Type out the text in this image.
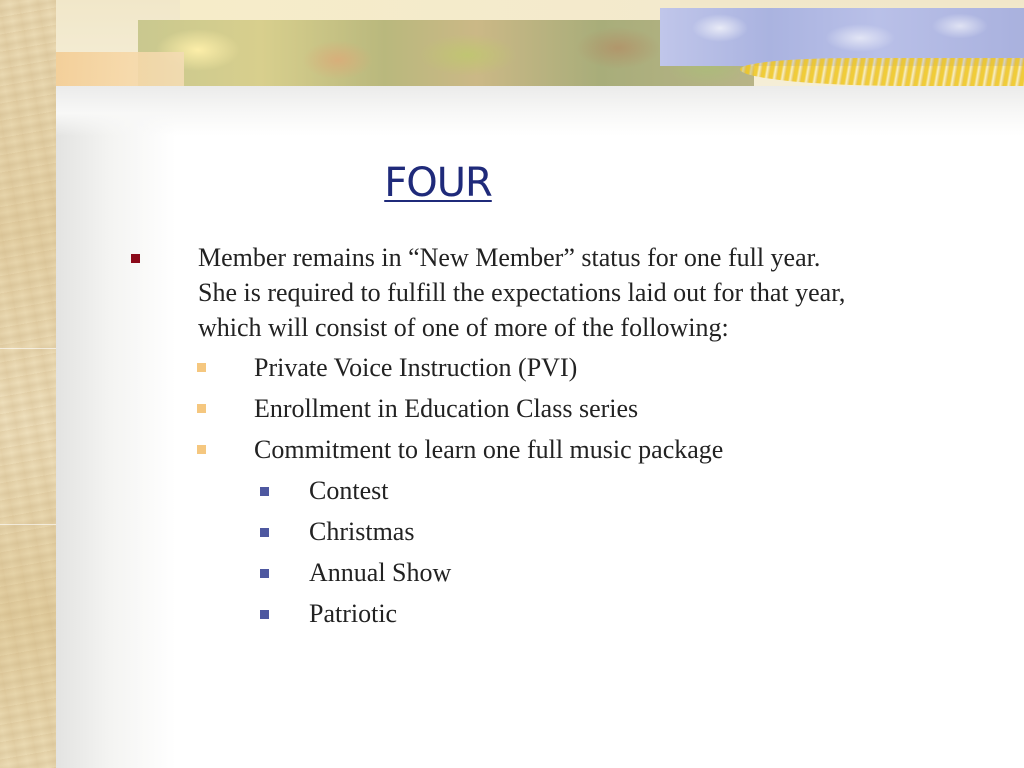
FOUR
Member remains in “New Member” status for one full year.
She is required to fulfill the expectations laid out for that year,
which will consist of one of more of the following:
Private Voice Instruction (PVI)
Enrollment in Education Class series
Commitment to learn one full music package
Contest
Christmas
Annual Show
Patriotic
